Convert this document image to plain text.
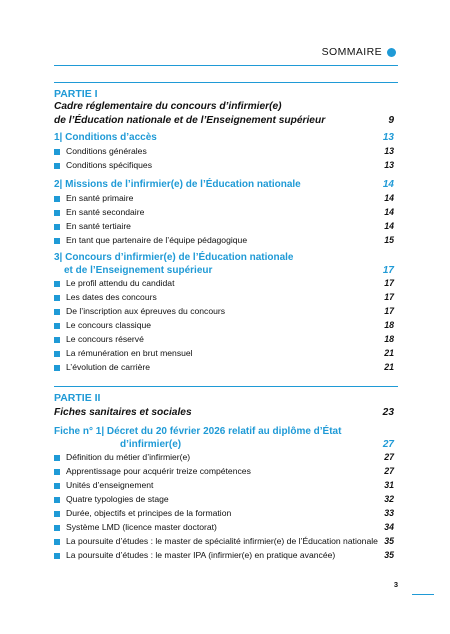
SOMMAIRE
PARTIE I
Cadre réglementaire du concours d’infirmier(e)
de l’Éducation nationale et de l’Enseignement supérieur	9
1| Conditions d’accès	13
Conditions générales	13
Conditions spécifiques	13
2| Missions de l’infirmier(e) de l’Éducation nationale	14
En santé primaire	14
En santé secondaire	14
En santé tertiaire	14
En tant que partenaire de l’équipe pédagogique	15
3| Concours d’infirmier(e) de l’Éducation nationale
et de l’Enseignement supérieur	17
Le profil attendu du candidat	17
Les dates des concours	17
De l’inscription aux épreuves du concours	17
Le concours classique	18
Le concours réservé	18
La rémunération en brut mensuel	21
L’évolution de carrière	21
PARTIE II
Fiches sanitaires et sociales	23
Fiche n° 1| Décret du 20 février 2026 relatif au diplôme d’État
d’infirmier(e)	27
Définition du métier d’infirmier(e)	27
Apprentissage pour acquérir treize compétences	27
Unités d’enseignement	31
Quatre typologies de stage	32
Durée, objectifs et principes de la formation	33
Système LMD (licence master doctorat)	34
La poursuite d’études : le master de spécialité infirmier(e) de l’Éducation nationale 35
La poursuite d’études : le master IPA (infirmier(e) en pratique avancée)	35
3
